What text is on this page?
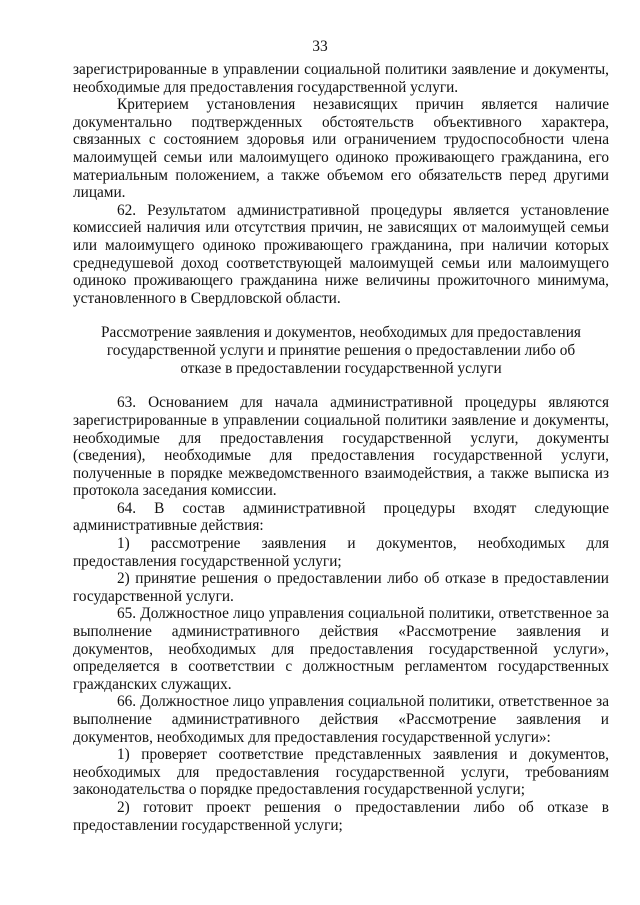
33

зарегистрированные в управлении социальной политики заявление и документы, необходимые для предоставления государственной услуги.

Критерием установления независящих причин является наличие документально подтвержденных обстоятельств объективного характера, связанных с состоянием здоровья или ограничением трудоспособности члена малоимущей семьи или малоимущего одиноко проживающего гражданина, его материальным положением, а также объемом его обязательств перед другими лицами.

62. Результатом административной процедуры является установление комиссией наличия или отсутствия причин, не зависящих от малоимущей семьи или малоимущего одиноко проживающего гражданина, при наличии которых среднедушевой доход соответствующей малоимущей семьи или малоимущего одиноко проживающего гражданина ниже величины прожиточного минимума, установленного в Свердловской области.

Рассмотрение заявления и документов, необходимых для предоставления государственной услуги и принятие решения о предоставлении либо об отказе в предоставлении государственной услуги

63. Основанием для начала административной процедуры являются зарегистрированные в управлении социальной политики заявление и документы, необходимые для предоставления государственной услуги, документы (сведения), необходимые для предоставления государственной услуги, полученные в порядке межведомственного взаимодействия, а также выписка из протокола заседания комиссии.

64. В состав административной процедуры входят следующие административные действия:

1) рассмотрение заявления и документов, необходимых для предоставления государственной услуги;

2) принятие решения о предоставлении либо об отказе в предоставлении государственной услуги.

65. Должностное лицо управления социальной политики, ответственное за выполнение административного действия «Рассмотрение заявления и документов, необходимых для предоставления государственной услуги», определяется в соответствии с должностным регламентом государственных гражданских служащих.

66. Должностное лицо управления социальной политики, ответственное за выполнение административного действия «Рассмотрение заявления и документов, необходимых для предоставления государственной услуги»:

1) проверяет соответствие представленных заявления и документов, необходимых для предоставления государственной услуги, требованиям законодательства о порядке предоставления государственной услуги;

2) готовит проект решения о предоставлении либо об отказе в предоставлении государственной услуги;
